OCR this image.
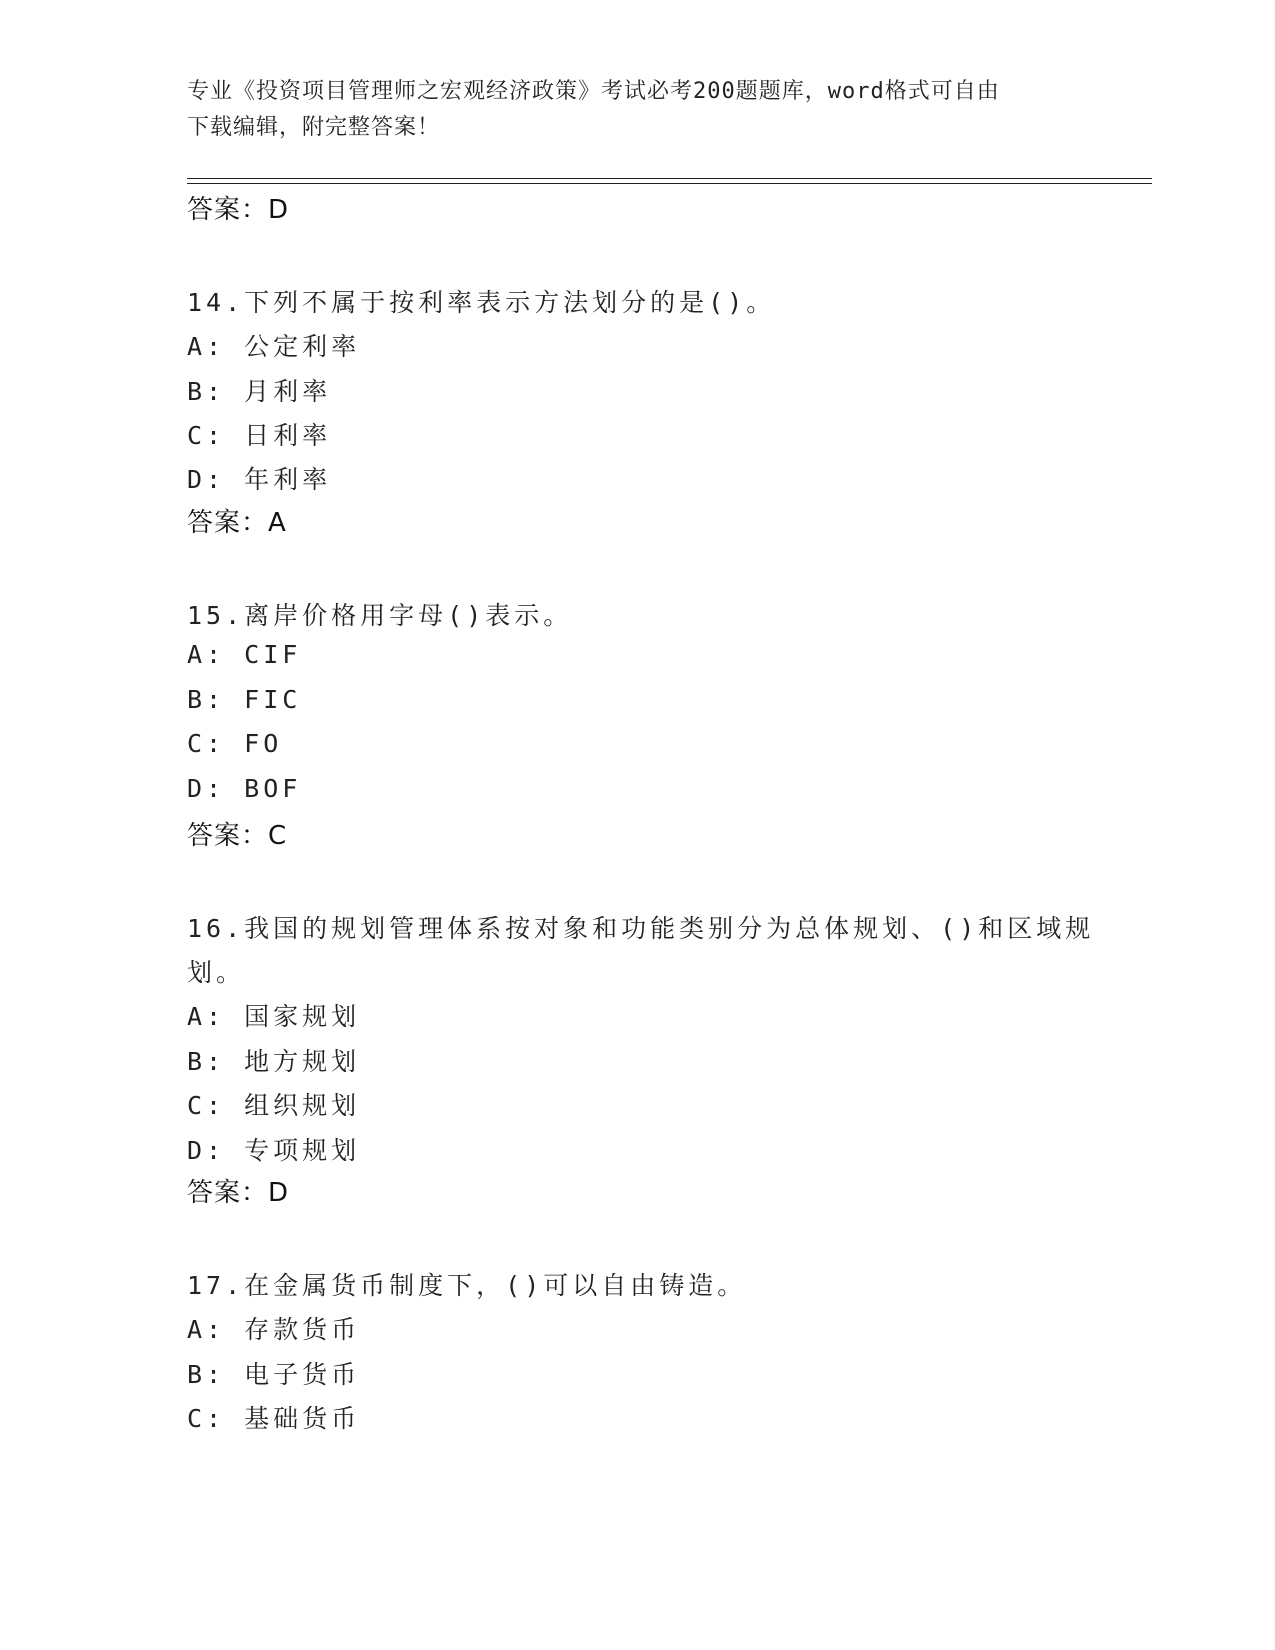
专业《投资项目管理师之宏观经济政策》考试必考200题题库，word格式可自由
下载编辑，附完整答案！
答案：D
14.下列不属于按利率表示方法划分的是()。
A: 公定利率
B: 月利率
C: 日利率
D: 年利率
答案：A
15.离岸价格用字母()表示。
A: CIF
B: FIC
C: FO
D: BOF
答案：C
16.我国的规划管理体系按对象和功能类别分为总体规划、()和区域规
划。
A: 国家规划
B: 地方规划
C: 组织规划
D: 专项规划
答案：D
17.在金属货币制度下，()可以自由铸造。
A: 存款货币
B: 电子货币
C: 基础货币
